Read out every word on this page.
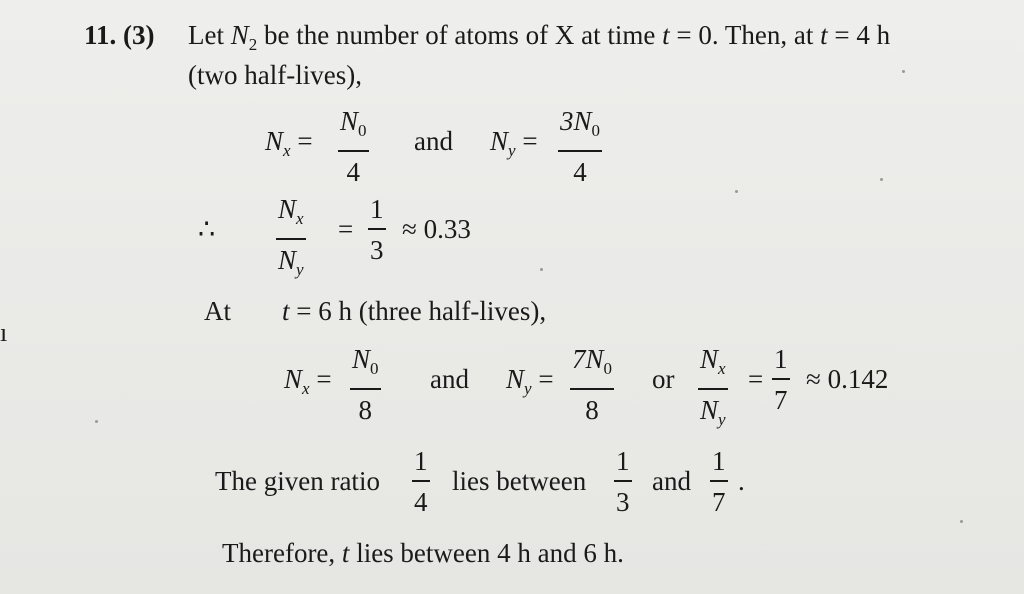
ı
11. (3) Let $N_2$ be the number of atoms of X at time t = 0. Then, at t = 4 h
(two half-lives),
$N_x$ =
$N_0$
4
and $N_y$ =
$3N_0$
4
∴
$N_x$
$N_y$
=
1
3
≈ 0.33
At t = 6 h (three half-lives),
$N_x$ =
$N_0$
8
and $N_y$ =
$7N_0$
8
or
$N_x$
$N_y$
=
1
7
≈ 0.142
The given ratio
1
4
lies between
1
3
and
1
7
.
Therefore, t lies between 4 h and 6 h.
